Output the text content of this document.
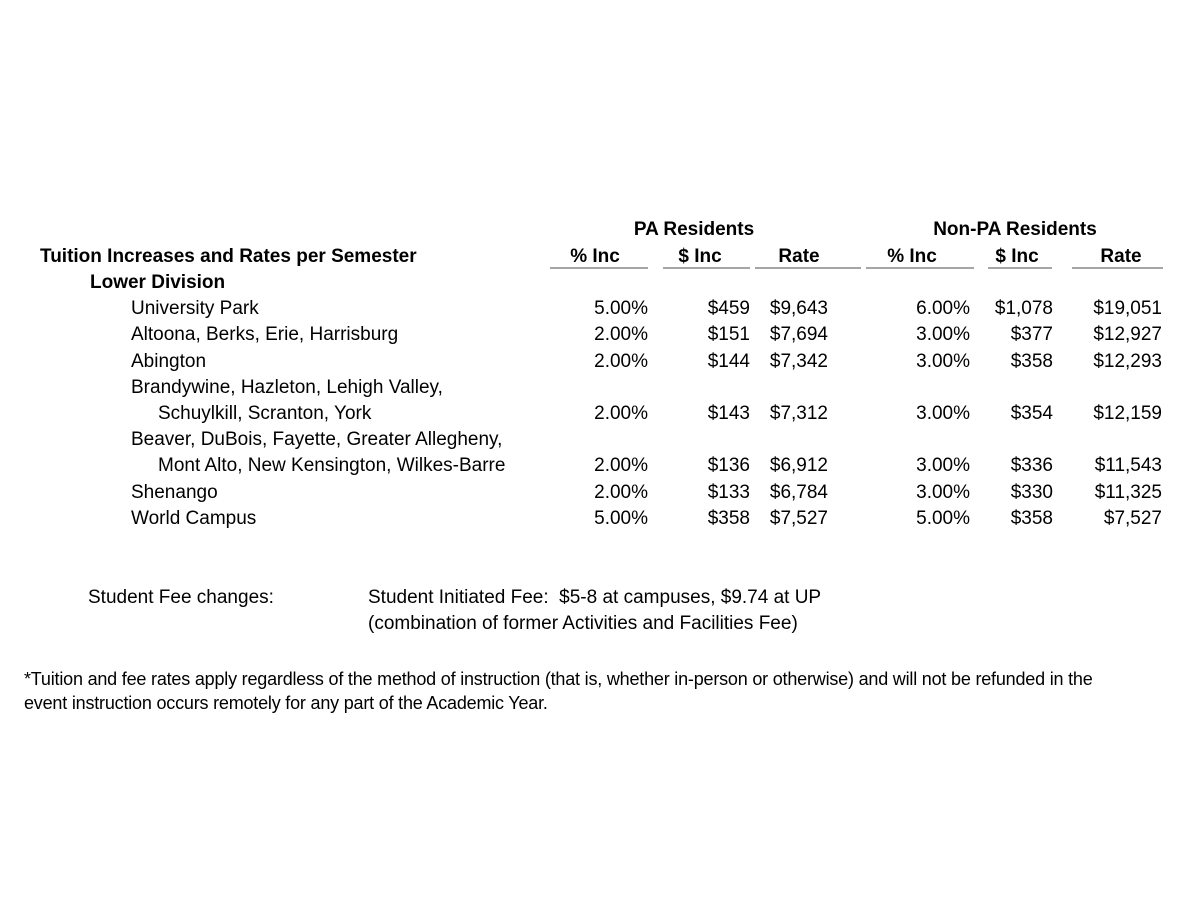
PA Residents	Non-PA Residents
Tuition Increases and Rates per Semester	% Inc	$ Inc	Rate	% Inc	$ Inc	Rate
Lower Division
University Park	5.00%	$459	$9,643	6.00%	$1,078	$19,051
Altoona, Berks, Erie, Harrisburg	2.00%	$151	$7,694	3.00%	$377	$12,927
Abington	2.00%	$144	$7,342	3.00%	$358	$12,293
Brandywine, Hazleton, Lehigh Valley,
Schuylkill, Scranton, York	2.00%	$143	$7,312	3.00%	$354	$12,159
Beaver, DuBois, Fayette, Greater Allegheny,
Mont Alto, New Kensington, Wilkes-Barre	2.00%	$136	$6,912	3.00%	$336	$11,543
Shenango	2.00%	$133	$6,784	3.00%	$330	$11,325
World Campus	5.00%	$358	$7,527	5.00%	$358	$7,527
Student Fee changes:	Student Initiated Fee:  $5-8 at campuses, $9.74 at UP
(combination of former Activities and Facilities Fee)
*Tuition and fee rates apply regardless of the method of instruction (that is, whether in-person or otherwise) and will not be refunded in the
event instruction occurs remotely for any part of the Academic Year.
